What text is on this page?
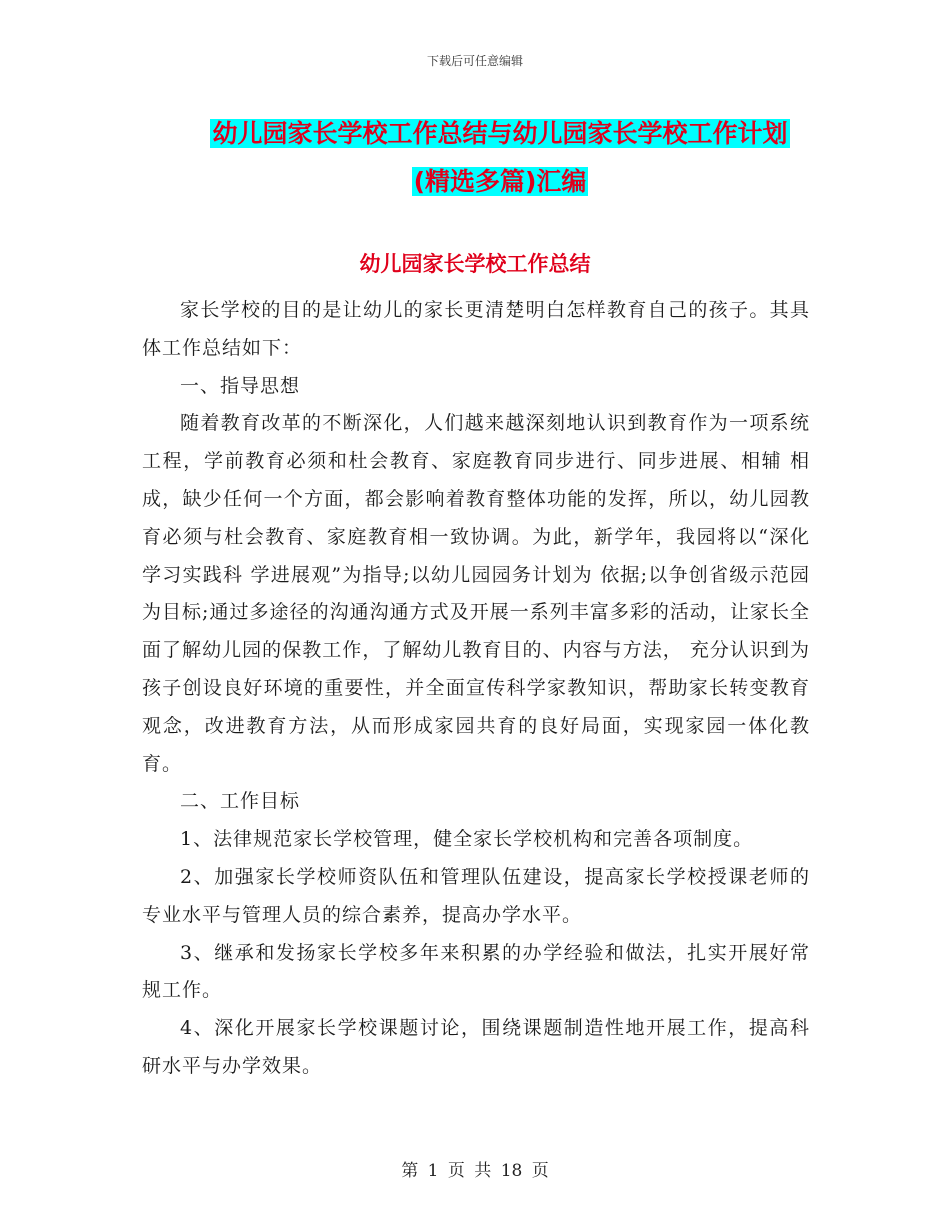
下载后可任意编辑
幼儿园家长学校工作总结与幼儿园家长学校工作计划
(精选多篇)汇编
幼儿园家长学校工作总结

家长学校的目的是让幼儿的家长更清楚明白怎样教育自己的孩子。其具体工作总结如下：

一、指导思想

随着教育改革的不断深化，人们越来越深刻地认识到教育作为一项系统工程，学前教育必须和杜会教育、家庭教育同步进行、同步进展、相辅 相成，缺少任何一个方面，都会影响着教育整体功能的发挥，所以，幼儿园教育必须与杜会教育、家庭教育相一致协调。为此，新学年，我园将以“深化学习实践科 学进展观”为指导;以幼儿园园务计划为 依据;以争创省级示范园为目标;通过多途径的沟通沟通方式及开展一系列丰富多彩的活动，让家长全面了解幼儿园的保教工作，了解幼儿教育目的、内容与方法， 充分认识到为孩子创设良好环境的重要性，并全面宣传科学家教知识，帮助家长转变教育观念，改进教育方法，从而形成家园共育的良好局面，实现家园一体化教 育。

二、工作目标

1、法律规范家长学校管理，健全家长学校机构和完善各项制度。

2、加强家长学校师资队伍和管理队伍建设，提高家长学校授课老师的专业水平与管理人员的综合素养，提高办学水平。

3、继承和发扬家长学校多年来积累的办学经验和做法，扎实开展好常规工作。

4、深化开展家长学校课题讨论，围绕课题制造性地开展工作，提高科研水平与办学效果。

第 1 页 共 18 页
